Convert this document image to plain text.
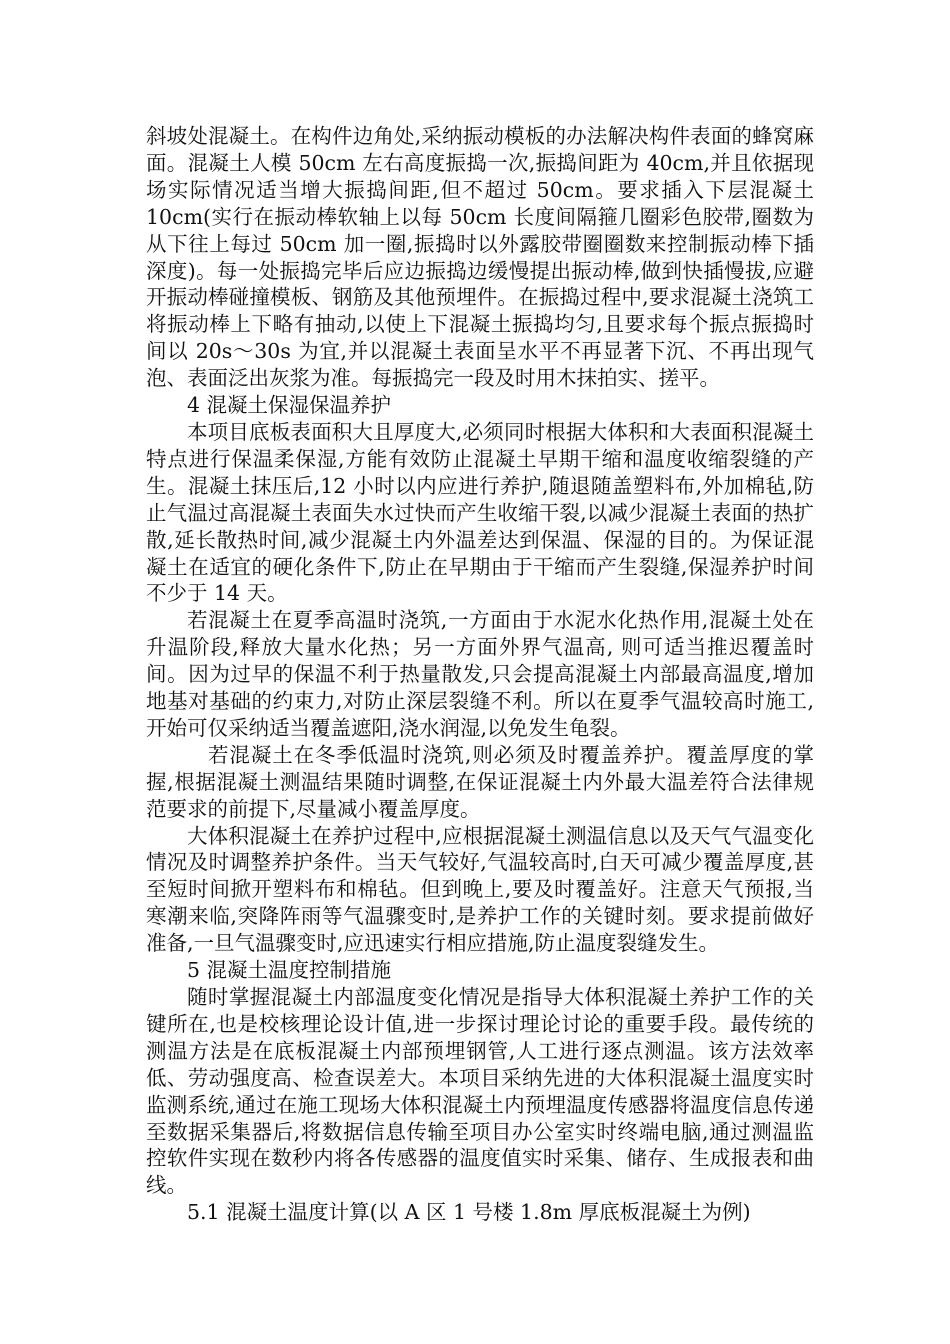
斜坡处混凝土。在构件边角处,采纳振动模板的办法解决构件表面的蜂窝麻面。混凝土人模 50cm 左右高度振捣一次,振捣间距为 40cm,并且依据现场实际情况适当增大振捣间距,但不超过 50cm。要求插入下层混凝土 10cm(实行在振动棒软轴上以每 50cm 长度间隔箍几圈彩色胶带,圈数为从下往上每过 50cm 加一圈,振捣时以外露胶带圈圈数来控制振动棒下插深度)。每一处振捣完毕后应边振捣边缓慢提出振动棒,做到快插慢拔,应避开振动棒碰撞模板、钢筋及其他预埋件。在振捣过程中,要求混凝土浇筑工将振动棒上下略有抽动,以使上下混凝土振捣均匀,且要求每个振点振捣时间以 20s～30s 为宜,并以混凝土表面呈水平不再显著下沉、不再出现气泡、表面泛出灰浆为准。每振捣完一段及时用木抹拍实、搓平。

4 混凝土保湿保温养护

本项目底板表面积大且厚度大,必须同时根据大体积和大表面积混凝土特点进行保温柔保湿,方能有效防止混凝土早期干缩和温度收缩裂缝的产生。混凝土抹压后,12 小时以内应进行养护,随退随盖塑料布,外加棉毡,防止气温过高混凝土表面失水过快而产生收缩干裂,以减少混凝土表面的热扩散,延长散热时间,减少混凝土内外温差达到保温、保湿的目的。为保证混凝土在适宜的硬化条件下,防止在早期由于干缩而产生裂缝,保湿养护时间不少于 14 天。

若混凝土在夏季高温时浇筑,一方面由于水泥水化热作用,混凝土处在升温阶段,释放大量水化热；另一方面外界气温高, 则可适当推迟覆盖时间。因为过早的保温不利于热量散发,只会提高混凝土内部最高温度,增加地基对基础的约束力,对防止深层裂缝不利。所以在夏季气温较高时施工,开始可仅采纳适当覆盖遮阳,浇水润湿,以免发生龟裂。

若混凝土在冬季低温时浇筑,则必须及时覆盖养护。覆盖厚度的掌握,根据混凝土测温结果随时调整,在保证混凝土内外最大温差符合法律规范要求的前提下,尽量减小覆盖厚度。

大体积混凝土在养护过程中,应根据混凝土测温信息以及天气气温变化情况及时调整养护条件。当天气较好,气温较高时,白天可减少覆盖厚度,甚至短时间掀开塑料布和棉毡。但到晚上,要及时覆盖好。注意天气预报,当寒潮来临,突降阵雨等气温骤变时,是养护工作的关键时刻。要求提前做好准备,一旦气温骤变时,应迅速实行相应措施,防止温度裂缝发生。

5 混凝土温度控制措施

随时掌握混凝土内部温度变化情况是指导大体积混凝土养护工作的关键所在,也是校核理论设计值,进一步探讨理论讨论的重要手段。最传统的测温方法是在底板混凝土内部预埋钢管,人工进行逐点测温。该方法效率低、劳动强度高、检查误差大。本项目采纳先进的大体积混凝土温度实时监测系统,通过在施工现场大体积混凝土内预埋温度传感器将温度信息传递至数据采集器后,将数据信息传输至项目办公室实时终端电脑,通过测温监控软件实现在数秒内将各传感器的温度值实时采集、储存、生成报表和曲线。

5.1 混凝土温度计算(以 A 区 1 号楼 1.8m 厚底板混凝土为例)
